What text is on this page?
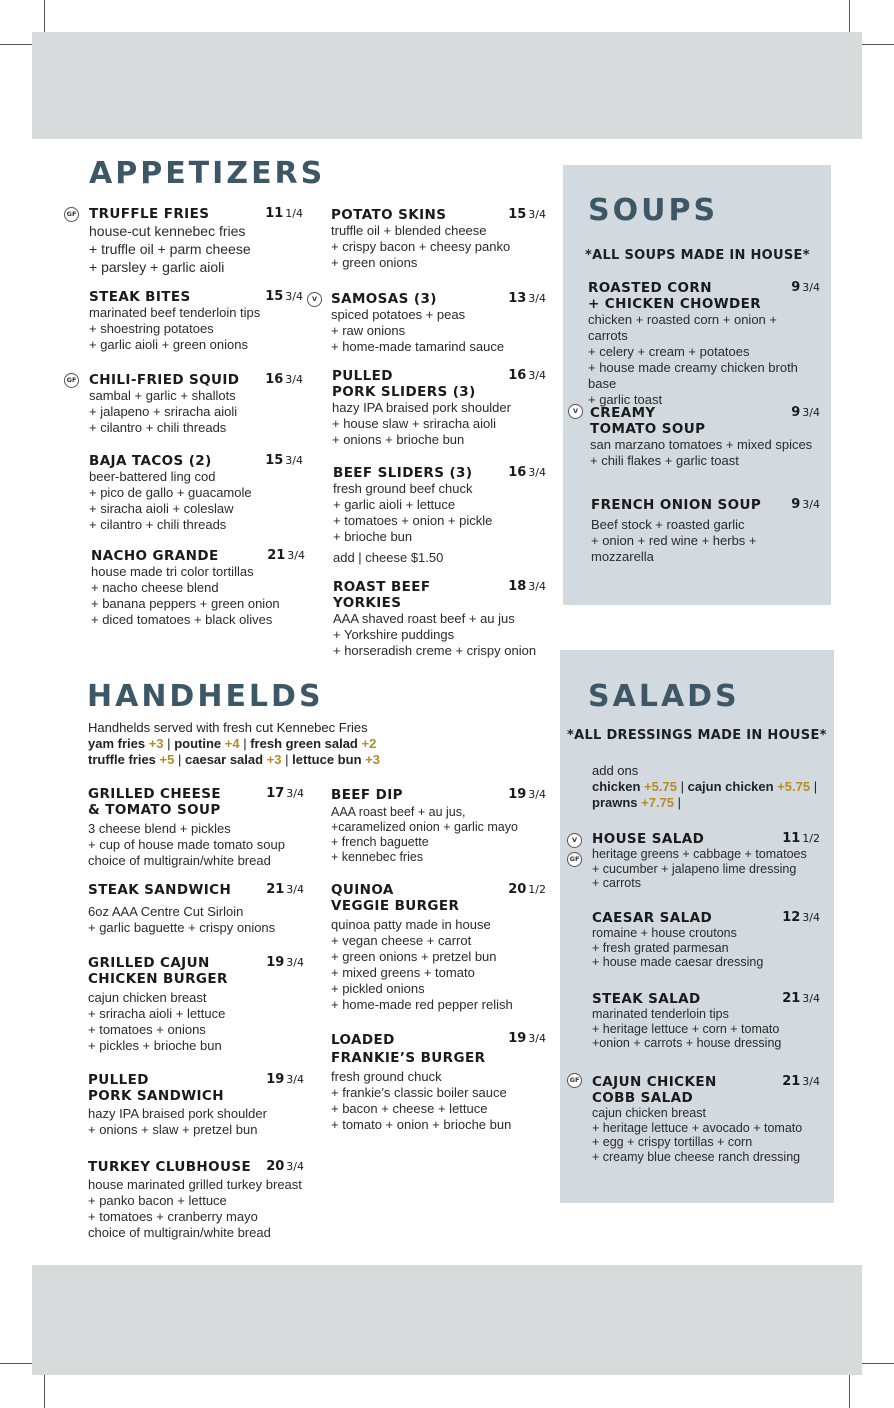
APPETIZERS
TRUFFLE FRIES	11 1/4
house-cut kennebec fries
+ truffle oil + parm cheese
+ parsley + garlic aioli
GF
STEAK BITES	15 3/4
marinated beef tenderloin tips
+ shoestring potatoes
+ garlic aioli + green onions
CHILI-FRIED SQUID	16 3/4
sambal + garlic + shallots
+ jalapeno + sriracha aioli
+ cilantro + chili threads
GF
BAJA TACOS (2)	15 3/4
beer-battered ling cod
+ pico de gallo + guacamole
+ siracha aioli + coleslaw
+ cilantro + chili threads
NACHO GRANDE	21 3/4
house made tri color tortillas
+ nacho cheese blend
+ banana peppers + green onion
+ diced tomatoes + black olives
POTATO SKINS	15 3/4
truffle oil + blended cheese
+ crispy bacon + cheesy panko
+ green onions
SAMOSAS (3)	13 3/4
spiced potatoes + peas
+ raw onions
+ home-made tamarind sauce
V
PULLED
PORK SLIDERS (3)
16 3/4
hazy IPA braised pork shoulder
+ house slaw + sriracha aioli
+ onions + brioche bun
BEEF SLIDERS (3)	16 3/4
fresh ground beef chuck
+ garlic aioli + lettuce
+ tomatoes + onion + pickle
+ brioche bun
add | cheese $1.50
ROAST BEEF YORKIES
18 3/4
AAA shaved roast beef + au jus
+ Yorkshire puddings
+ horseradish creme + crispy onion
SOUPS
*ALL SOUPS MADE IN HOUSE*
ROASTED CORN
+ CHICKEN CHOWDER
9 3/4
chicken + roasted corn + onion + carrots
+ celery + cream + potatoes
+ house made creamy chicken broth base
+ garlic toast
CREAMY
TOMATO SOUP
9 3/4
san marzano tomatoes + mixed spices
+ chili flakes + garlic toast
V
FRENCH ONION SOUP	9 3/4
Beef stock + roasted garlic
+ onion + red wine + herbs + mozzarella
HANDHELDS
Handhelds served with fresh cut Kennebec Fries
yam fries +3 | poutine +4 | fresh green salad +2
truffle fries +5 | caesar salad +3 | lettuce bun +3
GRILLED CHEESE
& TOMATO SOUP
17 3/4
3 cheese blend + pickles
+ cup of house made tomato soup
choice of multigrain/white bread
STEAK SANDWICH	21 3/4
6oz AAA Centre Cut Sirloin
+ garlic baguette + crispy onions
GRILLED CAJUN
CHICKEN BURGER
19 3/4
cajun chicken breast
+ sriracha aioli + lettuce
+ tomatoes + onions
+ pickles + brioche bun
PULLED
PORK SANDWICH
19 3/4
hazy IPA braised pork shoulder
+ onions + slaw + pretzel bun
TURKEY CLUBHOUSE	20 3/4
house marinated grilled turkey breast
+ panko bacon + lettuce
+ tomatoes + cranberry mayo
choice of multigrain/white bread
BEEF DIP	19 3/4
AAA roast beef + au jus,
+caramelized onion + garlic mayo
+ french baguette
+ kennebec fries
QUINOA
VEGGIE BURGER
20 1/2
quinoa patty made in house
+ vegan cheese + carrot
+ green onions + pretzel bun
+ mixed greens + tomato
+ pickled onions
+ home-made red pepper relish
LOADED
FRANKIE’S BURGER
19 3/4
fresh ground chuck
+ frankie’s classic boiler sauce
+ bacon + cheese + lettuce
+ tomato + onion + brioche bun
SALADS
*ALL DRESSINGS MADE IN HOUSE*
add ons
chicken +5.75 | cajun chicken +5.75 |
prawns +7.75 |
HOUSE SALAD	11 1/2
heritage greens + cabbage + tomatoes
+ cucumber + jalapeno lime dressing
+ carrots
V
GF
CAESAR SALAD	12 3/4
romaine + house croutons
+ fresh grated parmesan
+ house made caesar dressing
STEAK SALAD	21 3/4
marinated tenderloin tips
+ heritage lettuce + corn + tomato
+onion + carrots + house dressing
CAJUN CHICKEN
COBB SALAD
21 3/4
cajun chicken breast
+ heritage lettuce + avocado + tomato
+ egg + crispy tortillas + corn
+ creamy blue cheese ranch dressing
GF
